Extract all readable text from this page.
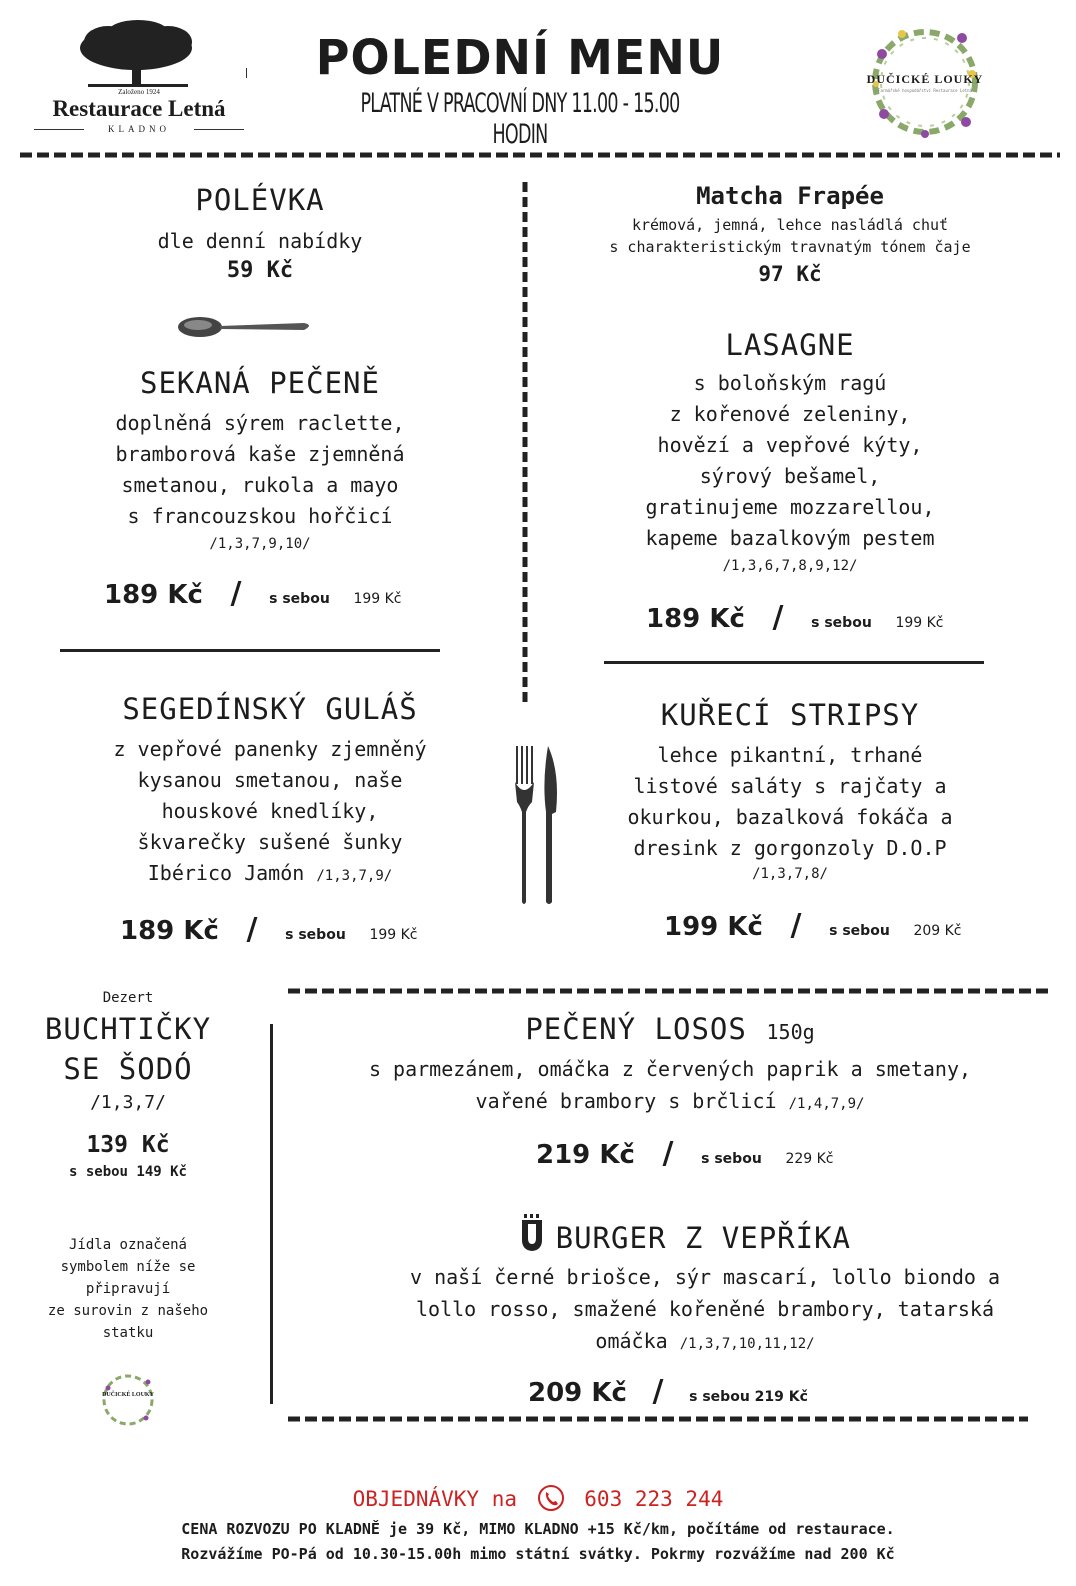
Založeno 1924
Restaurace Letná
KLADNO
POLEDNÍ MENU
PLATNÉ V PRACOVNÍ DNY 11.00 - 15.00 HODIN
DUČICKÉ LOUKY
Farmářské hospodářství Restaurace Letná
POLÉVKA
dle denní nabídky
59 Kč
SEKANÁ PEČENĚ
doplněná sýrem raclette,
bramborová kaše zjemněná
smetanou, rukola a mayo
s francouzskou hořčicí
/1,3,7,9,10/
189 Kč / s sebou 199 Kč
SEGEDÍNSKÝ GULÁŠ
z vepřové panenky zjemněný
kysanou smetanou, naše
houskové knedlíky,
škvarečky sušené šunky
Ibérico Jamón /1,3,7,9/
189 Kč / s sebou 199 Kč
Matcha Frapée
krémová, jemná, lehce nasládlá chuť
s charakteristickým travnatým tónem čaje
97 Kč
LASAGNE
s boloňským ragú
z kořenové zeleniny,
hovězí a vepřové kýty,
sýrový bešamel,
gratinujeme mozzarellou,
kapeme bazalkovým pestem
/1,3,6,7,8,9,12/
189 Kč / s sebou 199 Kč
KUŘECÍ STRIPSY
lehce pikantní, trhané
listové saláty s rajčaty a
okurkou, bazalková fokáča a
dresink z gorgonzoly D.O.P
/1,3,7,8/
199 Kč / s sebou 209 Kč
Dezert
BUCHTIČKY
SE ŠODÓ
/1,3,7/
139 Kč
s sebou 149 Kč
Jídla označená
symbolem níže se
připravují
ze surovin z našeho
statku
DUČICKÉ LOUKY
PEČENÝ LOSOS 150g
s parmezánem, omáčka z červených paprik a smetany,
vařené brambory s brčlicí /1,4,7,9/
219 Kč / s sebou 229 Kč
BURGER Z VEPŘÍKA
v naší černé briošce, sýr mascarí, lollo biondo a
lollo rosso, smažené kořeněné brambory, tatarská
omáčka /1,3,7,10,11,12/
209 Kč / s sebou 219 Kč
OBJEDNÁVKY na	603 223 244
CENA ROZVOZU PO KLADNĚ je 39 Kč, MIMO KLADNO +15 Kč/km, počítáme od restaurace.
Rozvážíme PO-Pá od 10.30-15.00h mimo státní svátky. Pokrmy rozvážíme nad 200 Kč
